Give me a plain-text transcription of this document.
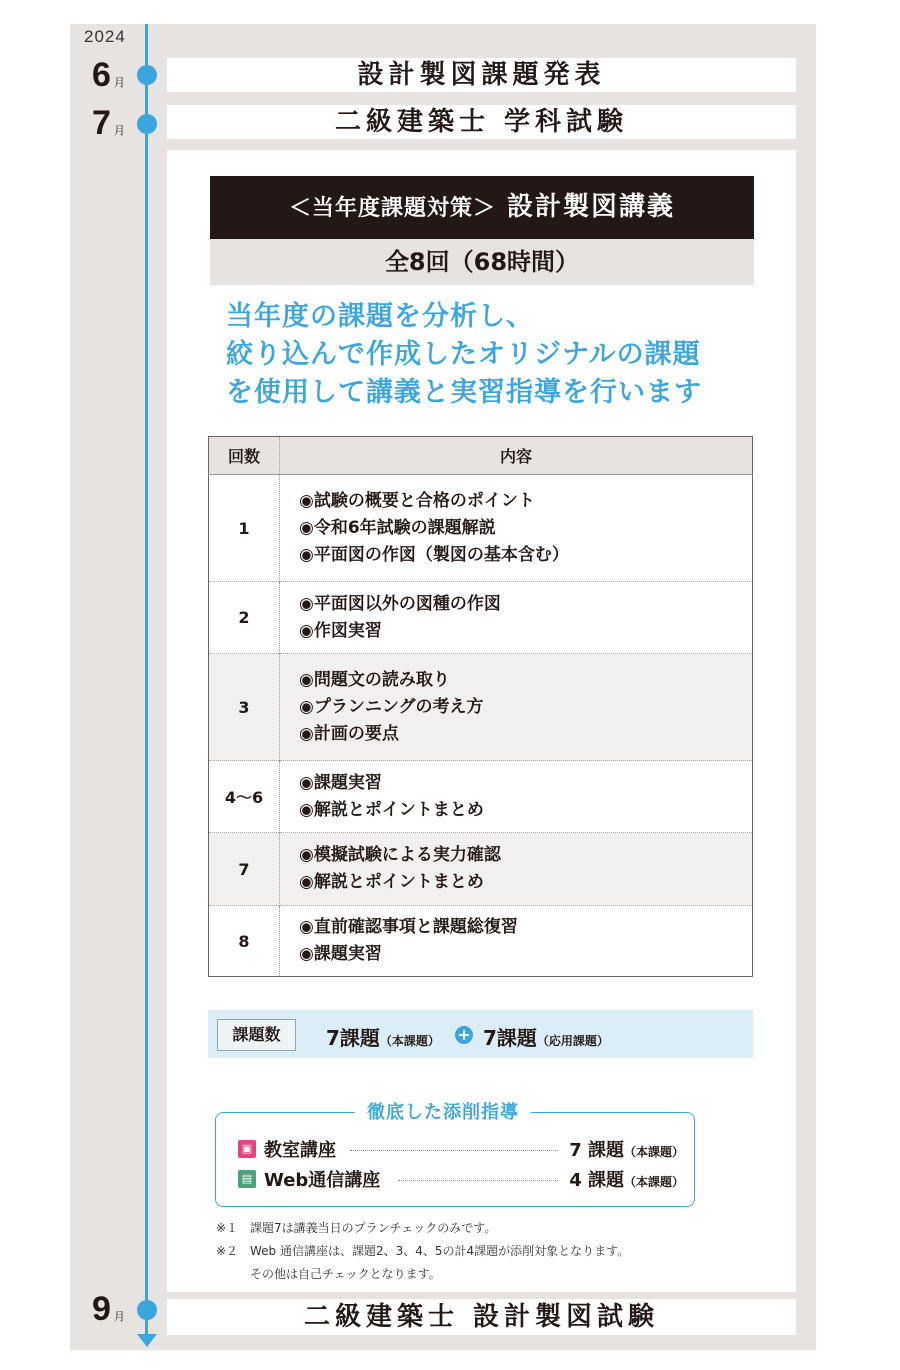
2024
6 月	設計製図課題発表
7 月	二級建築士 学科試験
＜当年度課題対策＞ 設計製図講義
全8回（68時間）
当年度の課題を分析し、
絞り込んで作成したオリジナルの課題
を使用して講義と実習指導を行います
回数	内容
1	◉試験の概要と合格のポイント
◉令和6年試験の課題解説
◉平面図の作図（製図の基本含む）

2	◉平面図以外の図種の作図
◉作図実習

3	◉問題文の読み取り
◉プランニングの考え方
◉計画の要点

4〜6	◉課題実習
◉解説とポイントまとめ

7	◉模擬試験による実力確認
◉解説とポイントまとめ

8	◉直前確認事項と課題総復習
◉課題実習
課題数	7課題（本課題） + 7課題（応用課題）
徹底した添削指導
▣ 教室講座	7 課題（本課題）
▤ Web通信講座	4 課題（本課題）
※１ 課題7は講義当日のプランチェックのみです。
※２ Web 通信講座は、課題2、3、4、5の計4課題が添削対象となります。
その他は自己チェックとなります。
9 月	二級建築士 設計製図試験
